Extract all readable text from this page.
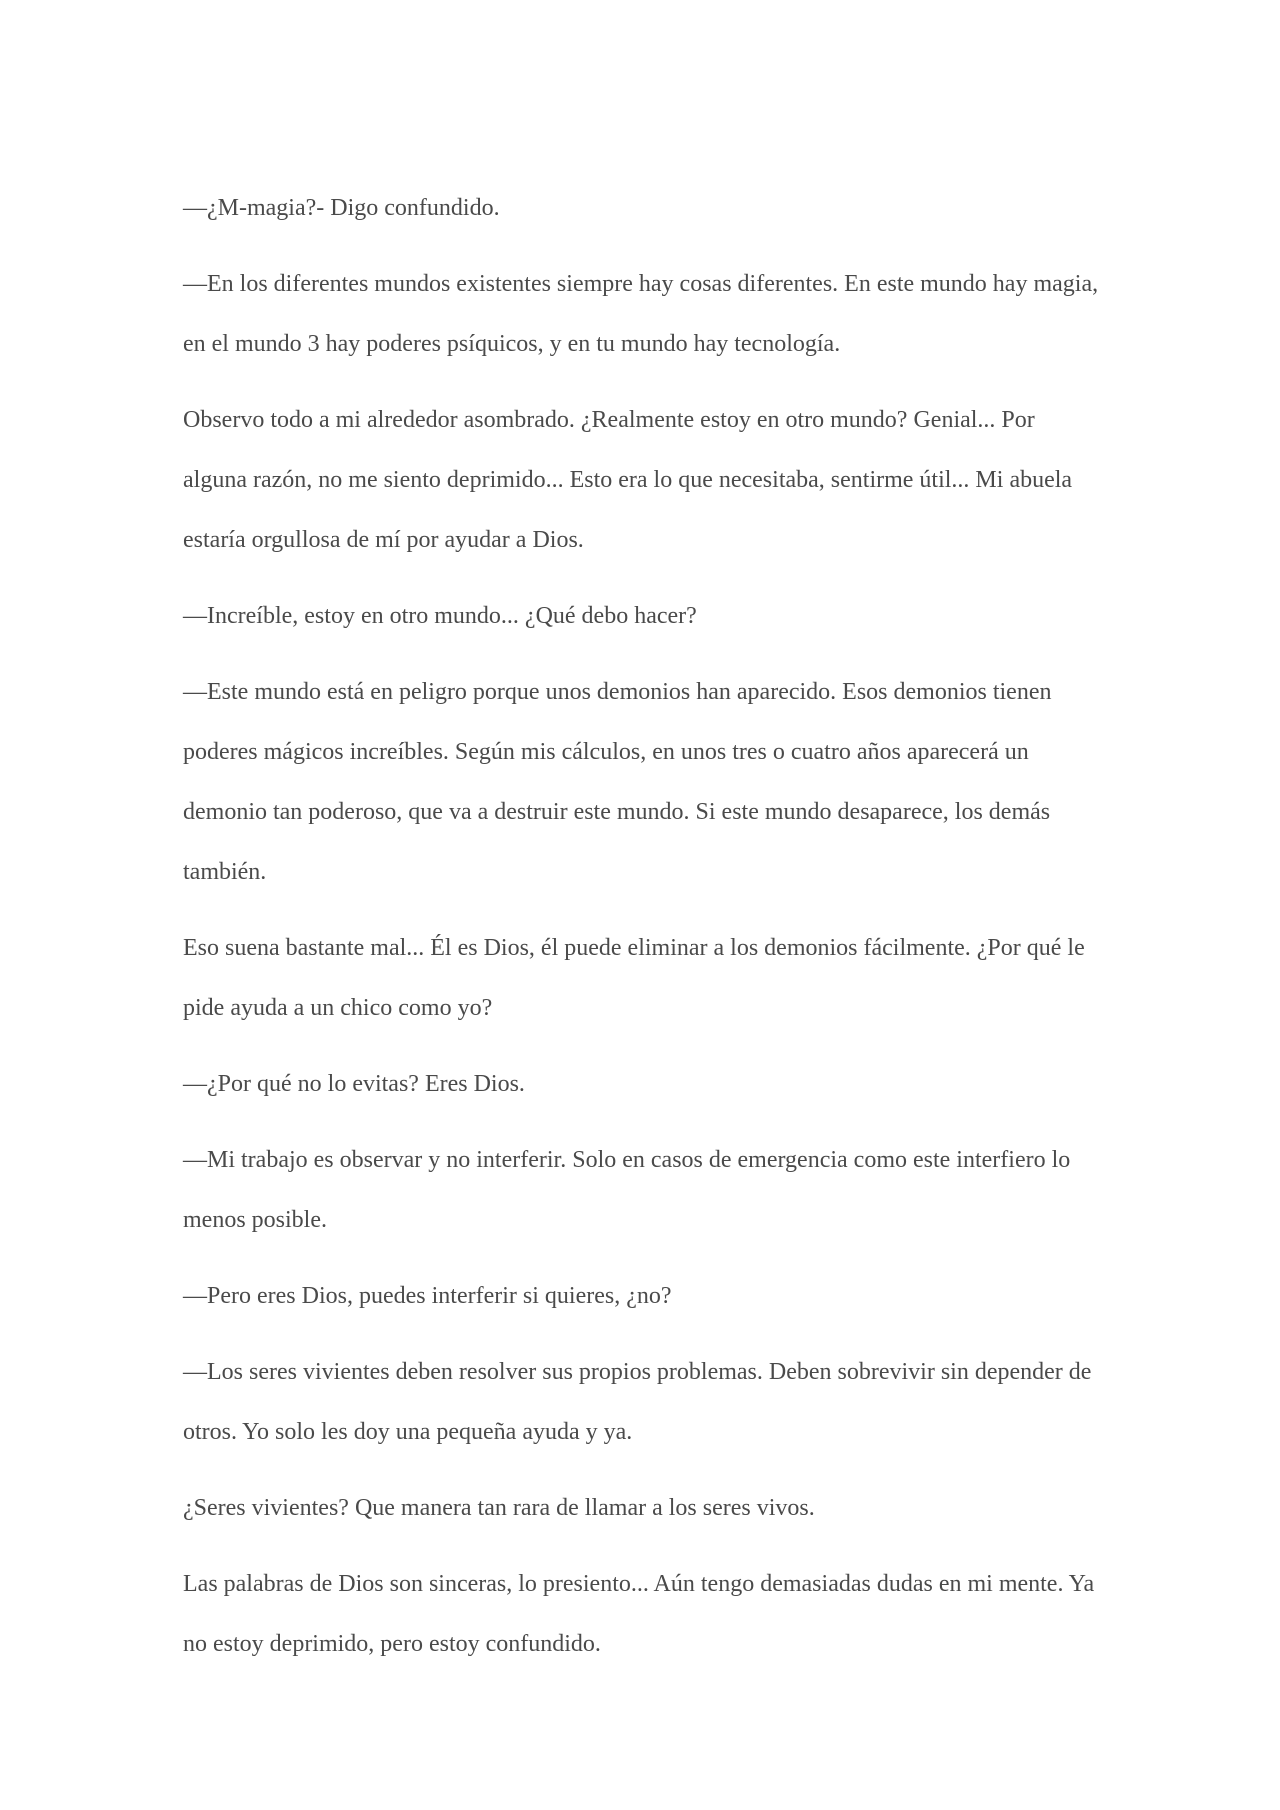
—¿M-magia?- Digo confundido.

—En los diferentes mundos existentes siempre hay cosas diferentes. En este mundo hay magia, en el mundo 3 hay poderes psíquicos, y en tu mundo hay tecnología.

Observo todo a mi alrededor asombrado. ¿Realmente estoy en otro mundo? Genial... Por alguna razón, no me siento deprimido... Esto era lo que necesitaba, sentirme útil... Mi abuela estaría orgullosa de mí por ayudar a Dios.

—Increíble, estoy en otro mundo... ¿Qué debo hacer?

—Este mundo está en peligro porque unos demonios han aparecido. Esos demonios tienen poderes mágicos increíbles. Según mis cálculos, en unos tres o cuatro años aparecerá un demonio tan poderoso, que va a destruir este mundo. Si este mundo desaparece, los demás también.

Eso suena bastante mal... Él es Dios, él puede eliminar a los demonios fácilmente. ¿Por qué le pide ayuda a un chico como yo?

—¿Por qué no lo evitas? Eres Dios.

—Mi trabajo es observar y no interferir. Solo en casos de emergencia como este interfiero lo menos posible.

—Pero eres Dios, puedes interferir si quieres, ¿no?

—Los seres vivientes deben resolver sus propios problemas. Deben sobrevivir sin depender de otros. Yo solo les doy una pequeña ayuda y ya.

¿Seres vivientes? Que manera tan rara de llamar a los seres vivos.

Las palabras de Dios son sinceras, lo presiento... Aún tengo demasiadas dudas en mi mente. Ya no estoy deprimido, pero estoy confundido.
